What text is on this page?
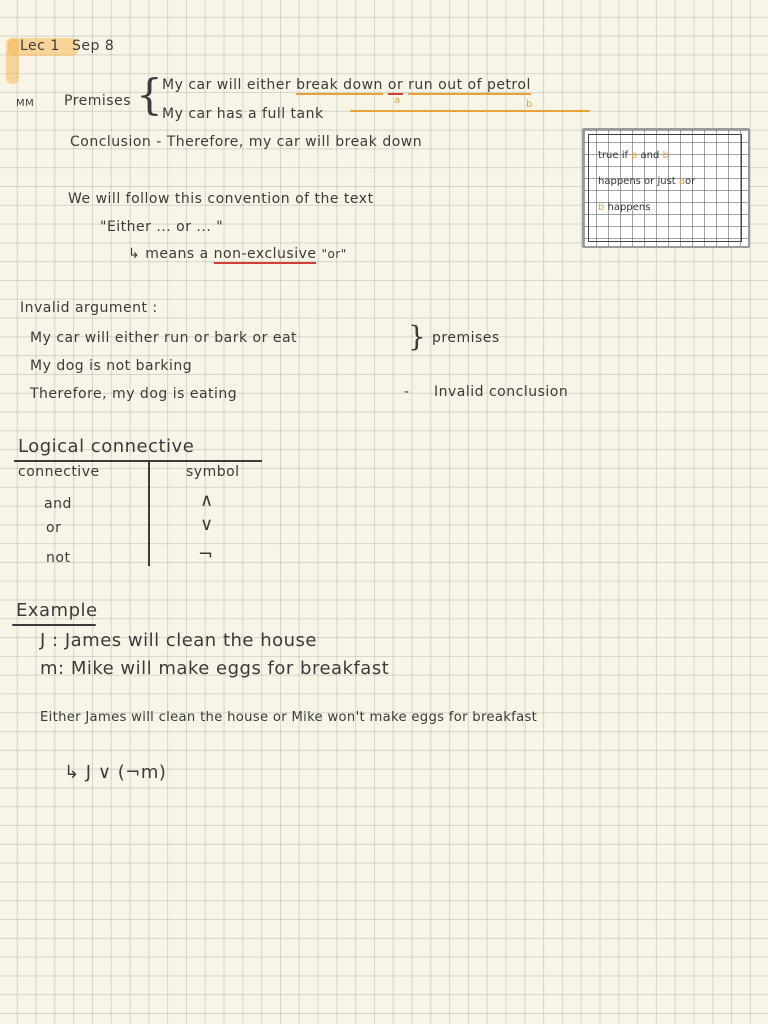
Lec 1 Sep 8
MM Premises { My car will either break down or run out of petrol
a	b
My car has a full tank
Conclusion - Therefore, my car will break down
true if a and b
happens or just aor
b happens
We will follow this convention of the text
"Either ... or ... "
↳ means a non-exclusive "or"
Invalid argument :
My car will either run or bark or eat
My dog is not barking
Therefore, my dog is eating
} premises
- Invalid conclusion
Logical connective
connective	symbol
and	∧
or	∨
not	¬
Example
J : James will clean the house
m: Mike will make eggs for breakfast
Either James will clean the house or Mike won't make eggs for breakfast
↳ J ∨ (¬m)
